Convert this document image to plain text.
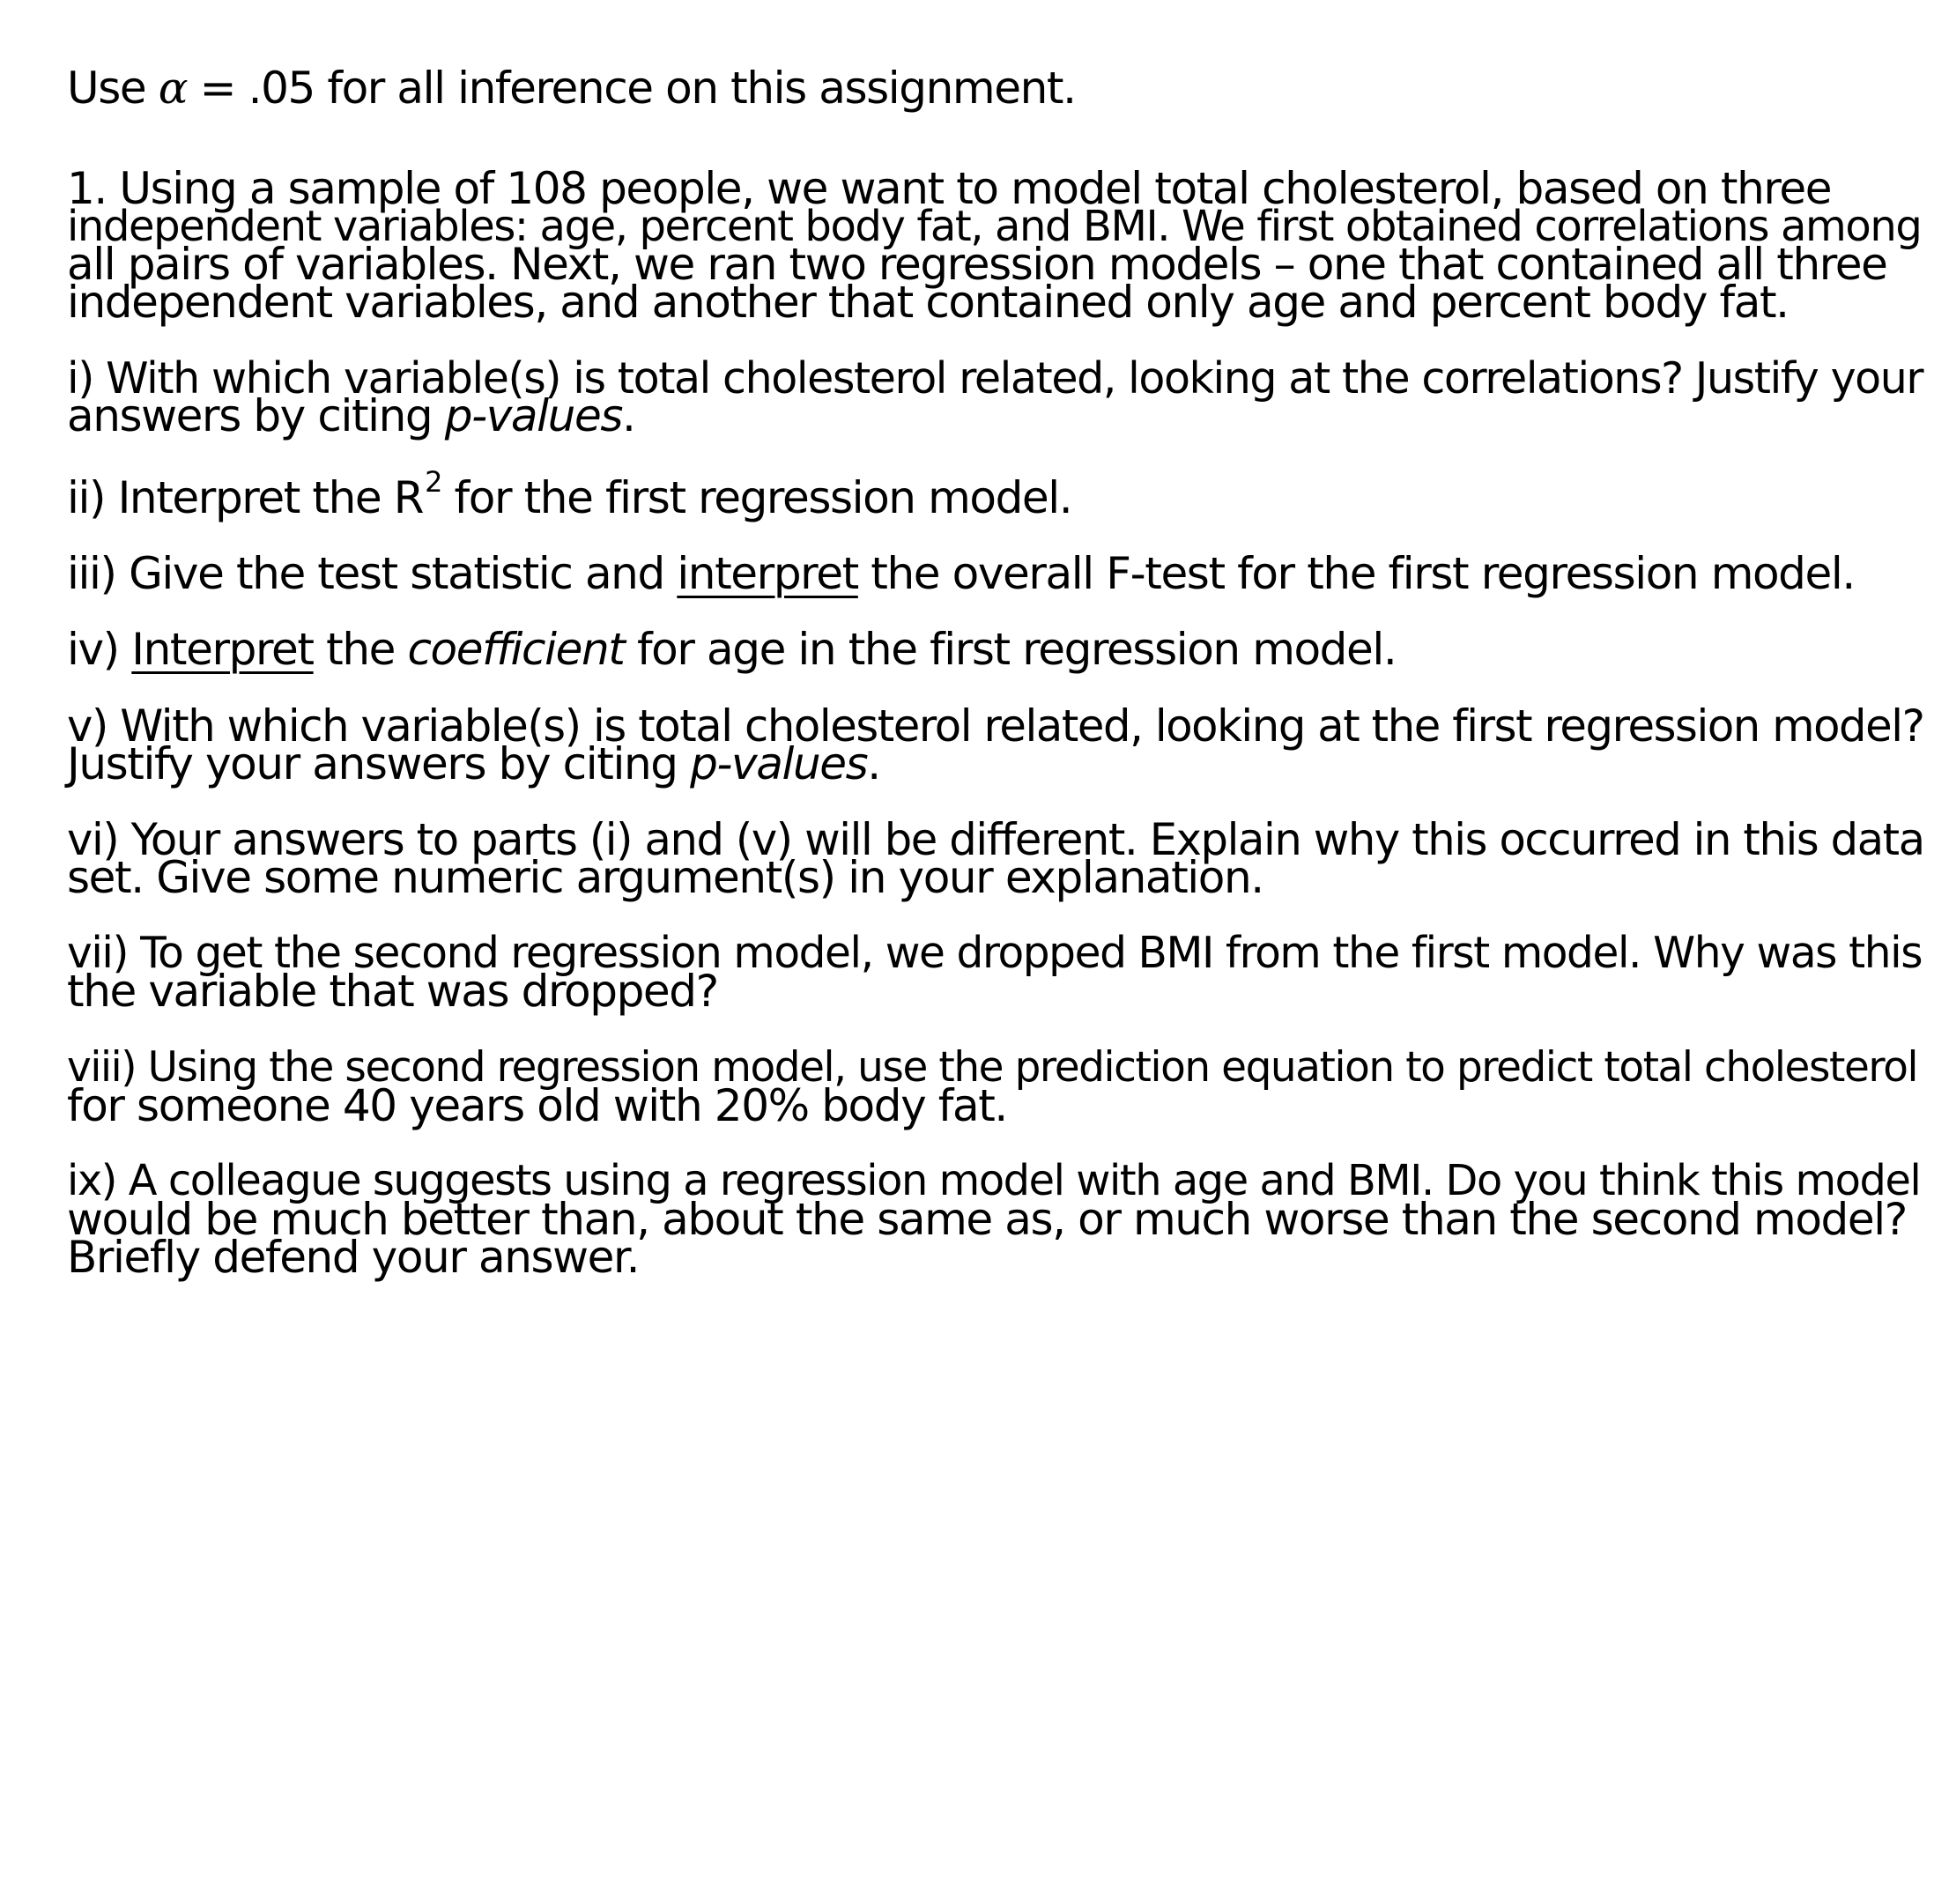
Use α = .05 for all inference on this assignment.
1. Using a sample of 108 people, we want to model total cholesterol, based on three
independent variables: age, percent body fat, and BMI. We first obtained correlations among
all pairs of variables. Next, we ran two regression models – one that contained all three
independent variables, and another that contained only age and percent body fat.
i) With which variable(s) is total cholesterol related, looking at the correlations? Justify your
answers by citing p-values.
ii) Interpret the $R^2$ for the first regression model.
iii) Give the test statistic and interpret the overall F-test for the first regression model.
iv) Interpret the coefficient for age in the first regression model.
v) With which variable(s) is total cholesterol related, looking at the first regression model?
Justify your answers by citing p-values.
vi) Your answers to parts (i) and (v) will be different. Explain why this occurred in this data
set. Give some numeric argument(s) in your explanation.
vii) To get the second regression model, we dropped BMI from the first model. Why was this
the variable that was dropped?
viii) Using the second regression model, use the prediction equation to predict total cholesterol
for someone 40 years old with 20% body fat.
ix) A colleague suggests using a regression model with age and BMI. Do you think this model
would be much better than, about the same as, or much worse than the second model?
Briefly defend your answer.
